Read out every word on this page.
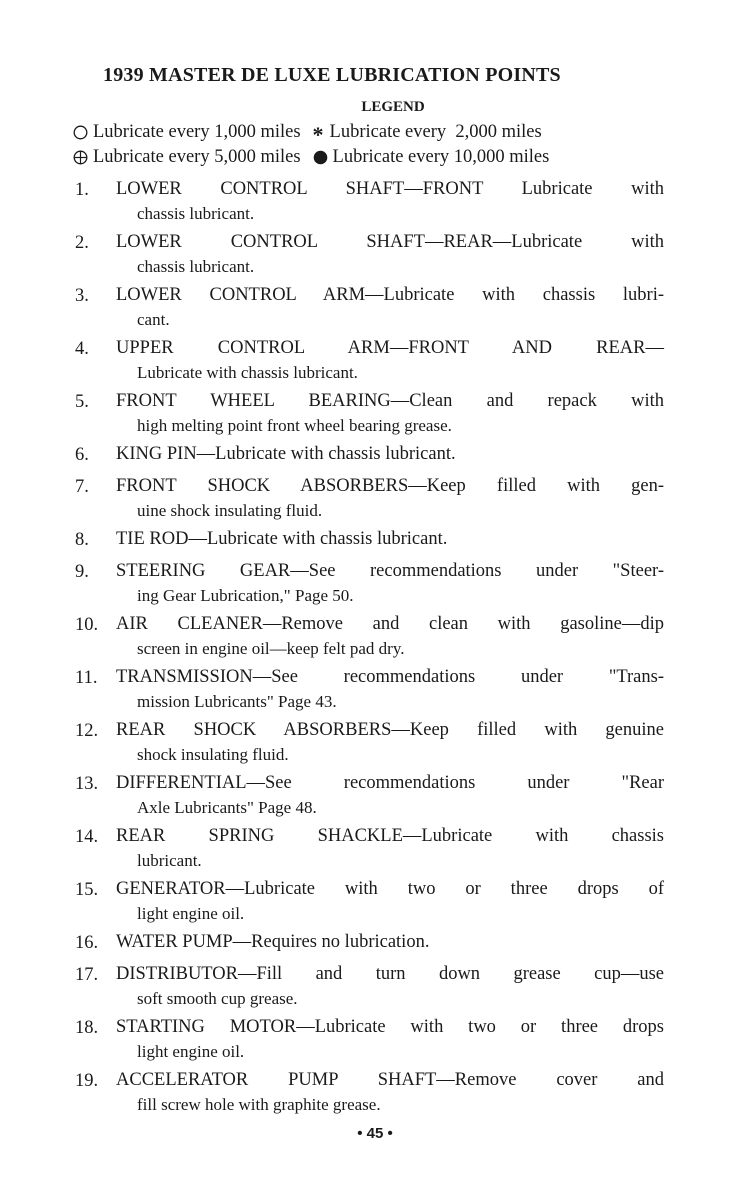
1939 MASTER DE LUXE LUBRICATION POINTS
LEGEND
Lubricate every 1,000 miles * Lubricate every  2,000 miles
Lubricate every 5,000 miles Lubricate every 10,000 miles
1.	LOWER CONTROL SHAFT—FRONT Lubricate with
chassis lubricant.
2.	LOWER CONTROL SHAFT—REAR—Lubricate with
chassis lubricant.
3.	LOWER CONTROL ARM—Lubricate with chassis lubri-
cant.
4.	UPPER CONTROL ARM—FRONT AND REAR—
Lubricate with chassis lubricant.
5.	FRONT WHEEL BEARING—Clean and repack with
high melting point front wheel bearing grease.
6.	KING PIN—Lubricate with chassis lubricant.
7.	FRONT SHOCK ABSORBERS—Keep filled with gen-
uine shock insulating fluid.
8.	TIE ROD—Lubricate with chassis lubricant.
9.	STEERING GEAR—See recommendations under "Steer-
ing Gear Lubrication," Page 50.
10. AIR CLEANER—Remove and clean with gasoline—dip
screen in engine oil—keep felt pad dry.
11.	TRANSMISSION—See recommendations under "Trans-
mission Lubricants" Page 43.
12. REAR SHOCK ABSORBERS—Keep filled with genuine
shock insulating fluid.
13. DIFFERENTIAL—See recommendations under "Rear
Axle Lubricants" Page 48.
14. REAR SPRING SHACKLE—Lubricate with chassis
lubricant.
15. GENERATOR—Lubricate with two or three drops of
light engine oil.
16. WATER PUMP—Requires no lubrication.
17. DISTRIBUTOR—Fill and turn down grease cup—use
soft smooth cup grease.
18. STARTING MOTOR—Lubricate with two or three drops
light engine oil.
19. ACCELERATOR PUMP SHAFT—Remove cover and
fill screw hole with graphite grease.
• 45 •
